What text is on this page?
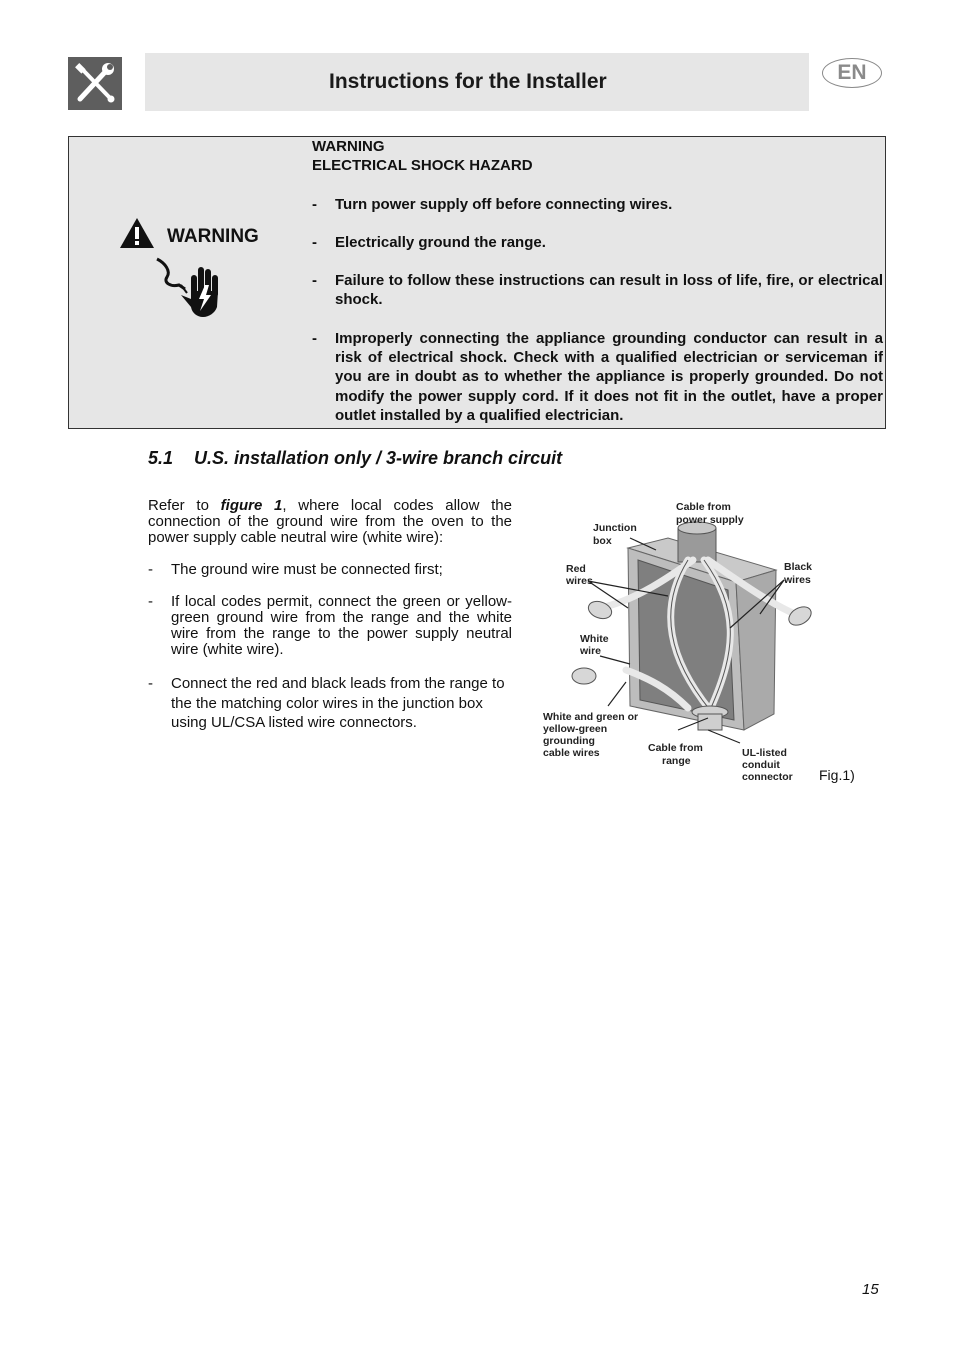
Instructions for the Installer	EN
WARNING

WARNING

ELECTRICAL SHOCK HAZARD

-	Turn power supply off before connecting wires.
-	Electrically ground the range.
-	Failure to follow these instructions can result in loss of life, fire, or electrical shock.
-	Improperly connecting the appliance grounding conductor can result in a risk of electrical shock. Check with a qualified electrician or serviceman if you are in doubt as to whether the appliance is properly grounded. Do not modify the power supply cord. If it does not fit in the outlet, have a proper outlet installed by a qualified electrician.
5.1 U.S. installation only / 3-wire branch circuit

Refer to figure 1, where local codes allow the connection of the ground wire from the oven to the power supply cable neutral wire (white wire):

-	The ground wire must be connected first;
-	If local codes permit, connect the green or yellow-green ground wire from the range and the white wire from the range to the power supply neutral wire (white wire).
-	Connect the red and black leads from the range to the the matching color wires in the junction box using UL/CSA listed wire connectors.
Cable from
power supply
Junction
box
Red
wires
Black
wires
White
wire
White and green or
yellow-green
grounding
cable wires	Cable from
range
UL-listed
conduit
connector Fig.1)
15
